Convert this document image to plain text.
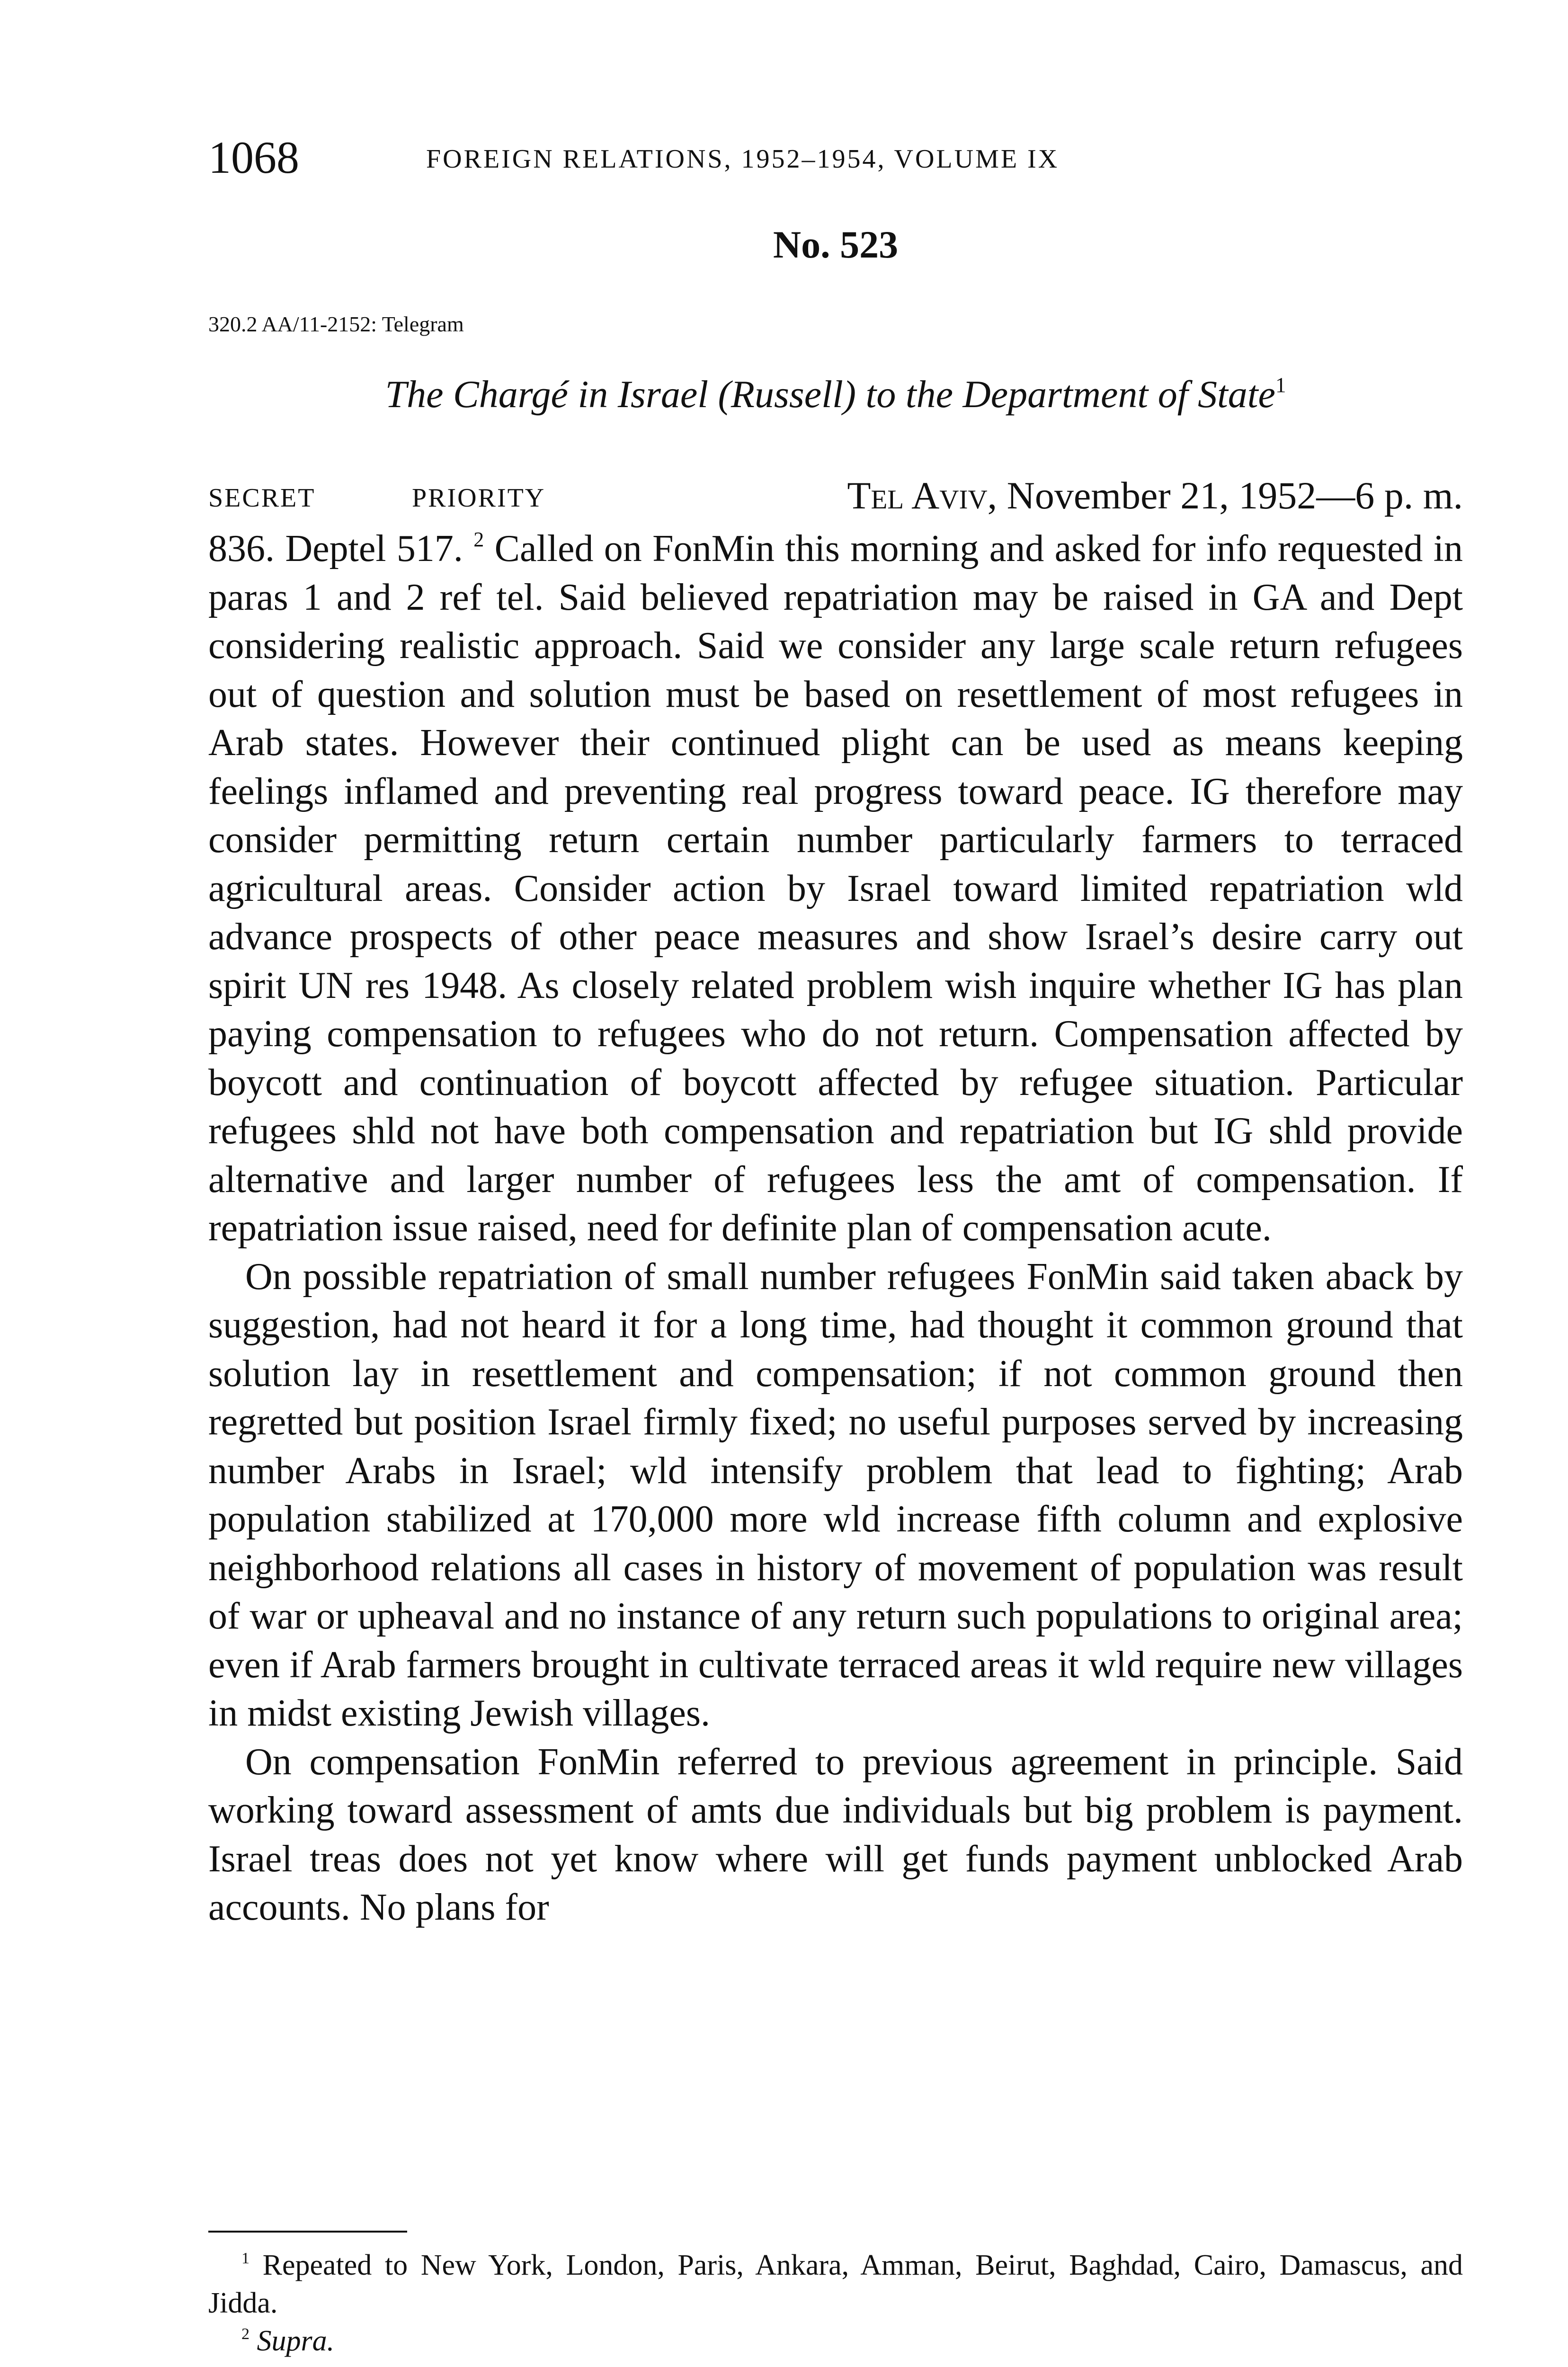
1068	FOREIGN RELATIONS, 1952–1954, VOLUME IX
No. 523
320.2 AA/11-2152: Telegram
The Chargé in Israel (Russell) to the Department of State$^1$
SECRET	PRIORITY	Tel Aviv, November 21, 1952—6 p. m.

836. Deptel 517. $^2$ Called on FonMin this morning and asked for info requested in paras 1 and 2 ref tel. Said believed repatriation may be raised in GA and Dept considering realistic approach. Said we consider any large scale return refugees out of question and solution must be based on resettlement of most refugees in Arab states. However their continued plight can be used as means keeping feelings inflamed and preventing real progress toward peace. IG therefore may consider permitting return certain number particularly farmers to terraced agricultural areas. Consider action by Israel toward limited repatriation wld advance prospects of other peace measures and show Israel’s desire carry out spirit UN res 1948. As closely related problem wish inquire whether IG has plan paying compensation to refugees who do not return. Compensation affected by boycott and continuation of boycott affected by refugee situation. Particular refugees shld not have both compensation and repatriation but IG shld provide alternative and larger number of refugees less the amt of compensation. If repatriation issue raised, need for definite plan of compensation acute.

On possible repatriation of small number refugees FonMin said taken aback by suggestion, had not heard it for a long time, had thought it common ground that solution lay in resettlement and compensation; if not common ground then regretted but position Israel firmly fixed; no useful purposes served by increasing number Arabs in Israel; wld intensify problem that lead to fighting; Arab population stabilized at 170,000 more wld increase fifth column and explosive neighborhood relations all cases in history of movement of population was result of war or upheaval and no instance of any return such populations to original area; even if Arab farmers brought in cultivate terraced areas it wld require new villages in midst existing Jewish villages.

On compensation FonMin referred to previous agreement in principle. Said working toward assessment of amts due individuals but big problem is payment. Israel treas does not yet know where will get funds payment unblocked Arab accounts. No plans for

$^1$ Repeated to New York, London, Paris, Ankara, Amman, Beirut, Baghdad, Cairo, Damascus, and Jidda.

$^2$ Supra.
